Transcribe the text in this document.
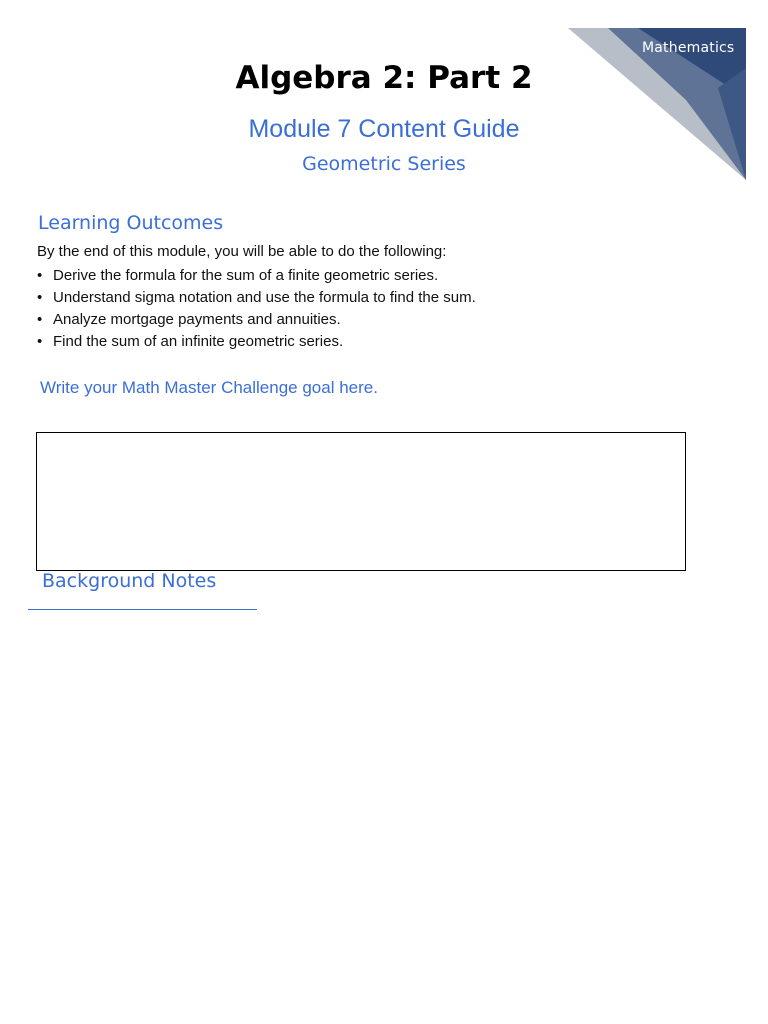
Mathematics
Algebra 2: Part 2
Module 7 Content Guide
Geometric Series
Learning Outcomes
By the end of this module, you will be able to do the following:
• Derive the formula for the sum of a finite geometric series.
• Understand sigma notation and use the formula to find the sum.
• Analyze mortgage payments and annuities.
• Find the sum of an infinite geometric series.
Write your Math Master Challenge goal here.
Background Notes
